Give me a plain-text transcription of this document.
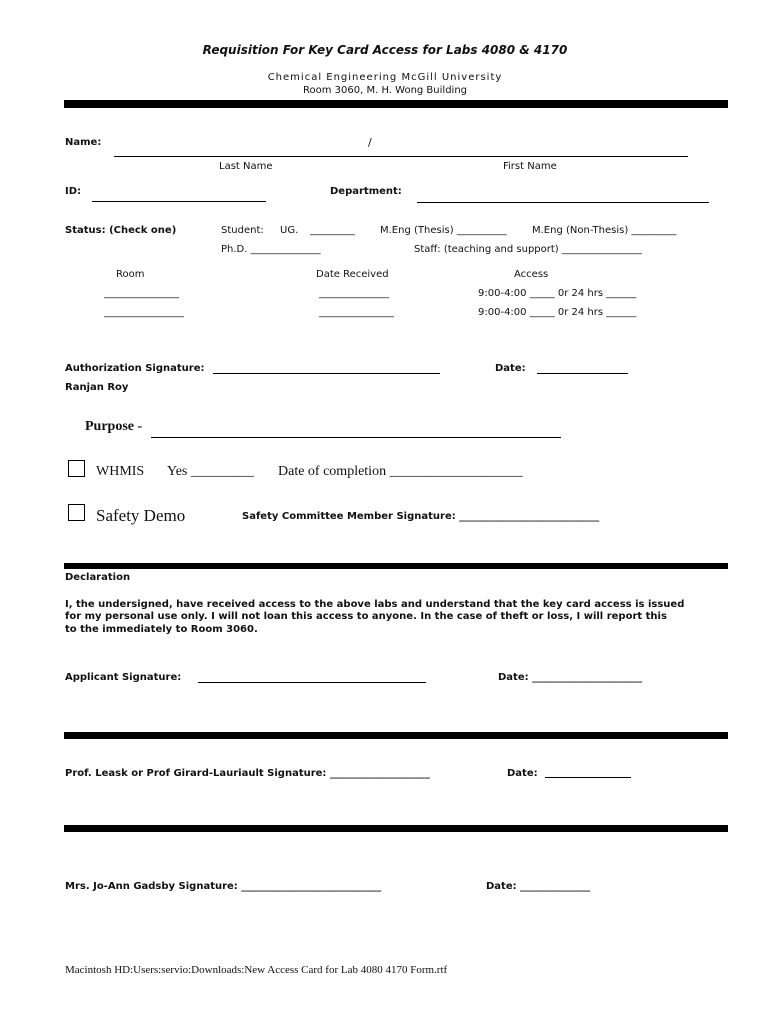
Requisition For Key Card Access for Labs 4080 & 4170
Chemical Engineering McGill University
Room 3060, M. H. Wong Building
Name:	/
Last Name	First Name
ID:	Department:
Status: (Check one)	Student: UG. _________	M.Eng (Thesis) __________	M.Eng (Non-Thesis) _________
Ph.D. ______________	Staff: (teaching and support) ________________
Room	Date Received	Access
_______________	______________	9:00-4:00 _____ 0r 24 hrs ______
________________	_______________	9:00-4:00 _____ 0r 24 hrs ______
Authorization Signature:	Date:
Ranjan Roy
Purpose -
WHMIS Yes _________ Date of completion ___________________
Safety Demo	Safety Committee Member Signature: ____________________________
Declaration
I, the undersigned, have received access to the above labs and understand that the key card access is issued
for my personal use only. I will not loan this access to anyone. In the case of theft or loss, I will report this
to the immediately to Room 3060.
Applicant Signature:	Date: ______________________
Prof. Leask or Prof Girard-Lauriault Signature: ____________________	Date:
Mrs. Jo-Ann Gadsby Signature: ____________________________	Date: ______________
Macintosh HD:Users:servio:Downloads:New Access Card for Lab 4080 4170 Form.rtf
